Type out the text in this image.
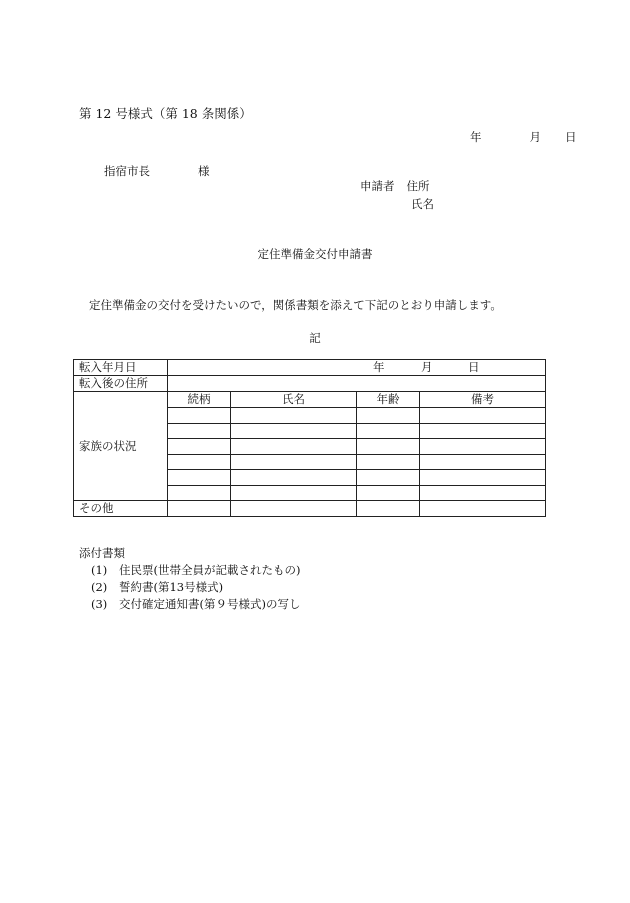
第 12 号様式（第 18 条関係）
年	月 日
指宿市長	様
申請者 住所
氏名
定住準備金交付申請書
定住準備金の交付を受けたいので，関係書類を添えて下記のとおり申請します。
記
転入年月日	年 月 日			

転入後の住所				
家族の状況	続柄	氏名	年齢	備考

その他				
添付書類
(1) 住民票(世帯全員が記載されたもの)
(2) 誓約書(第13号様式)
(3) 交付確定通知書(第９号様式)の写し
